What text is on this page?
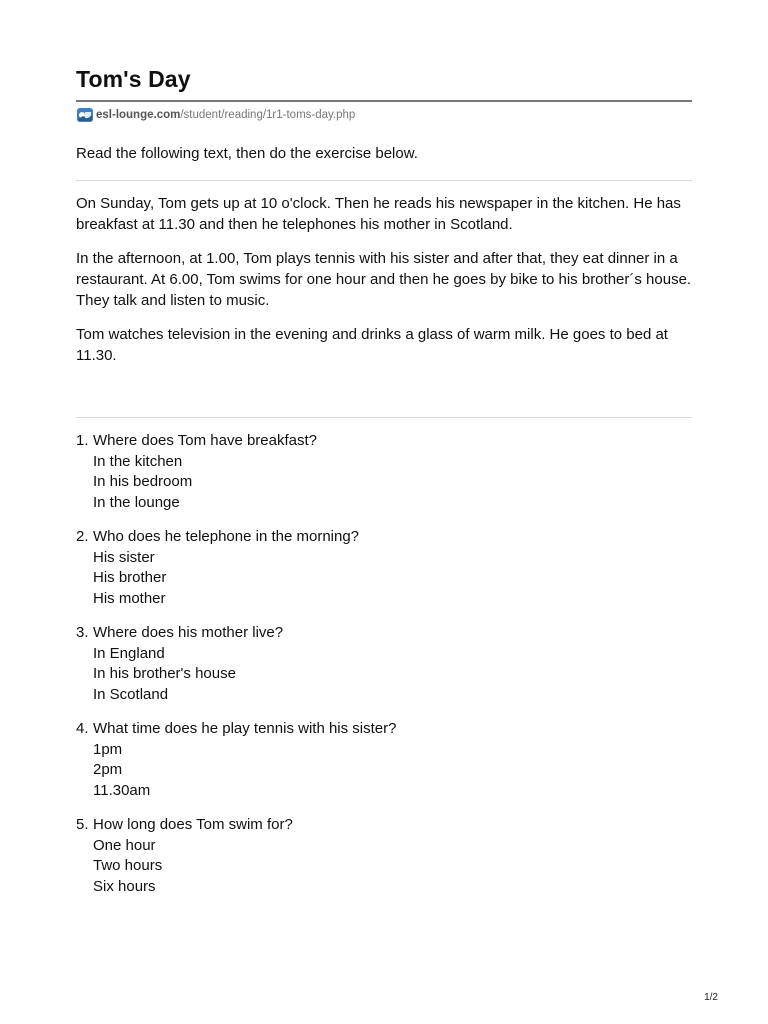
Tom's Day
esl-lounge.com /student/reading/1r1-toms-day.php

Read the following text, then do the exercise below.

On Sunday, Tom gets up at 10 o'clock. Then he reads his newspaper in the kitchen. He has breakfast at 11.30 and then he telephones his mother in Scotland.

In the afternoon, at 1.00, Tom plays tennis with his sister and after that, they eat dinner in a restaurant. At 6.00, Tom swims for one hour and then he goes by bike to his brother´s house. They talk and listen to music.

Tom watches television in the evening and drinks a glass of warm milk. He goes to bed at 11.30.

1. Where does Tom have breakfast?
In the kitchen
In his bedroom
In the lounge
2. Who does he telephone in the morning?
His sister
His brother
His mother
3. Where does his mother live?
In England
In his brother's house
In Scotland
4. What time does he play tennis with his sister?
1pm
2pm
11.30am
5. How long does Tom swim for?
One hour
Two hours
Six hours
1/2
